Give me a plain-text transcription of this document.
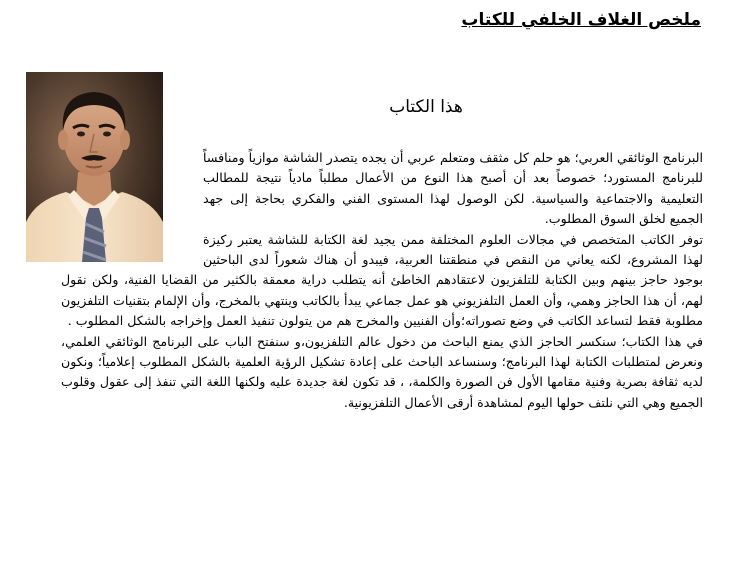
ملخص الغلاف الخلفي للكتاب
هذا الكتاب

البرنامج الوثائقي العربي؛ هو حلم كل مثقف ومتعلم عربي أن يجده يتصدر الشاشة موازياً ومنافساً للبرنامج المستورد؛ خصوصاً بعد أن أصبح هذا النوع من الأعمال مطلباً مادياً نتيجة للمطالب التعليمية والاجتماعية والسياسية. لكن الوصول لهذا المستوى الفني والفكري بحاجة إلى جهد الجميع لخلق السوق المطلوب.

توفر الكاتب المتخصص في مجالات العلوم المختلفة ممن يجيد لغة الكتابة للشاشة يعتبر ركيزة لهذا المشروع، لكنه يعاني من النقص في منطقتنا العربية، فيبدو أن هناك شعوراً لدى الباحثين بوجود حاجز بينهم وبين الكتابة للتلفزيون لاعتقادهم الخاطئ أنه يتطلب دراية معمقة بالكثير من القضايا الفنية، ولكن نقول لهم، أن هذا الحاجز وهمي، وأن العمل التلفزيوني هو عمل جماعي يبدأ بالكاتب وينتهي بالمخرج، وأن الإلمام بتقنيات التلفزيون مطلوبة فقط لتساعد الكاتب في وضع تصوراته؛وأن الفنيين والمخرج هم من يتولون تنفيذ العمل وإخراجه بالشكل المطلوب .

في هذا الكتاب؛ سنكسر الحاجز الذي يمنع الباحث من دخول عالم التلفزيون،و سنفتح الباب على البرنامج الوثائقي العلمي، ونعرض لمتطلبات الكتابة لهذا البرنامج؛ وسنساعد الباحث على إعادة تشكيل الرؤية العلمية بالشكل المطلوب إعلامياً؛ ونكون لديه ثقافة بصرية وفنية مقامها الأول فن الصورة والكلمة، ، قد تكون لغة جديدة عليه ولكنها اللغة التي تنفذ إلى عقول وقلوب الجميع وهي التي نلتف حولها اليوم لمشاهدة أرقى الأعمال التلفزيونية.
